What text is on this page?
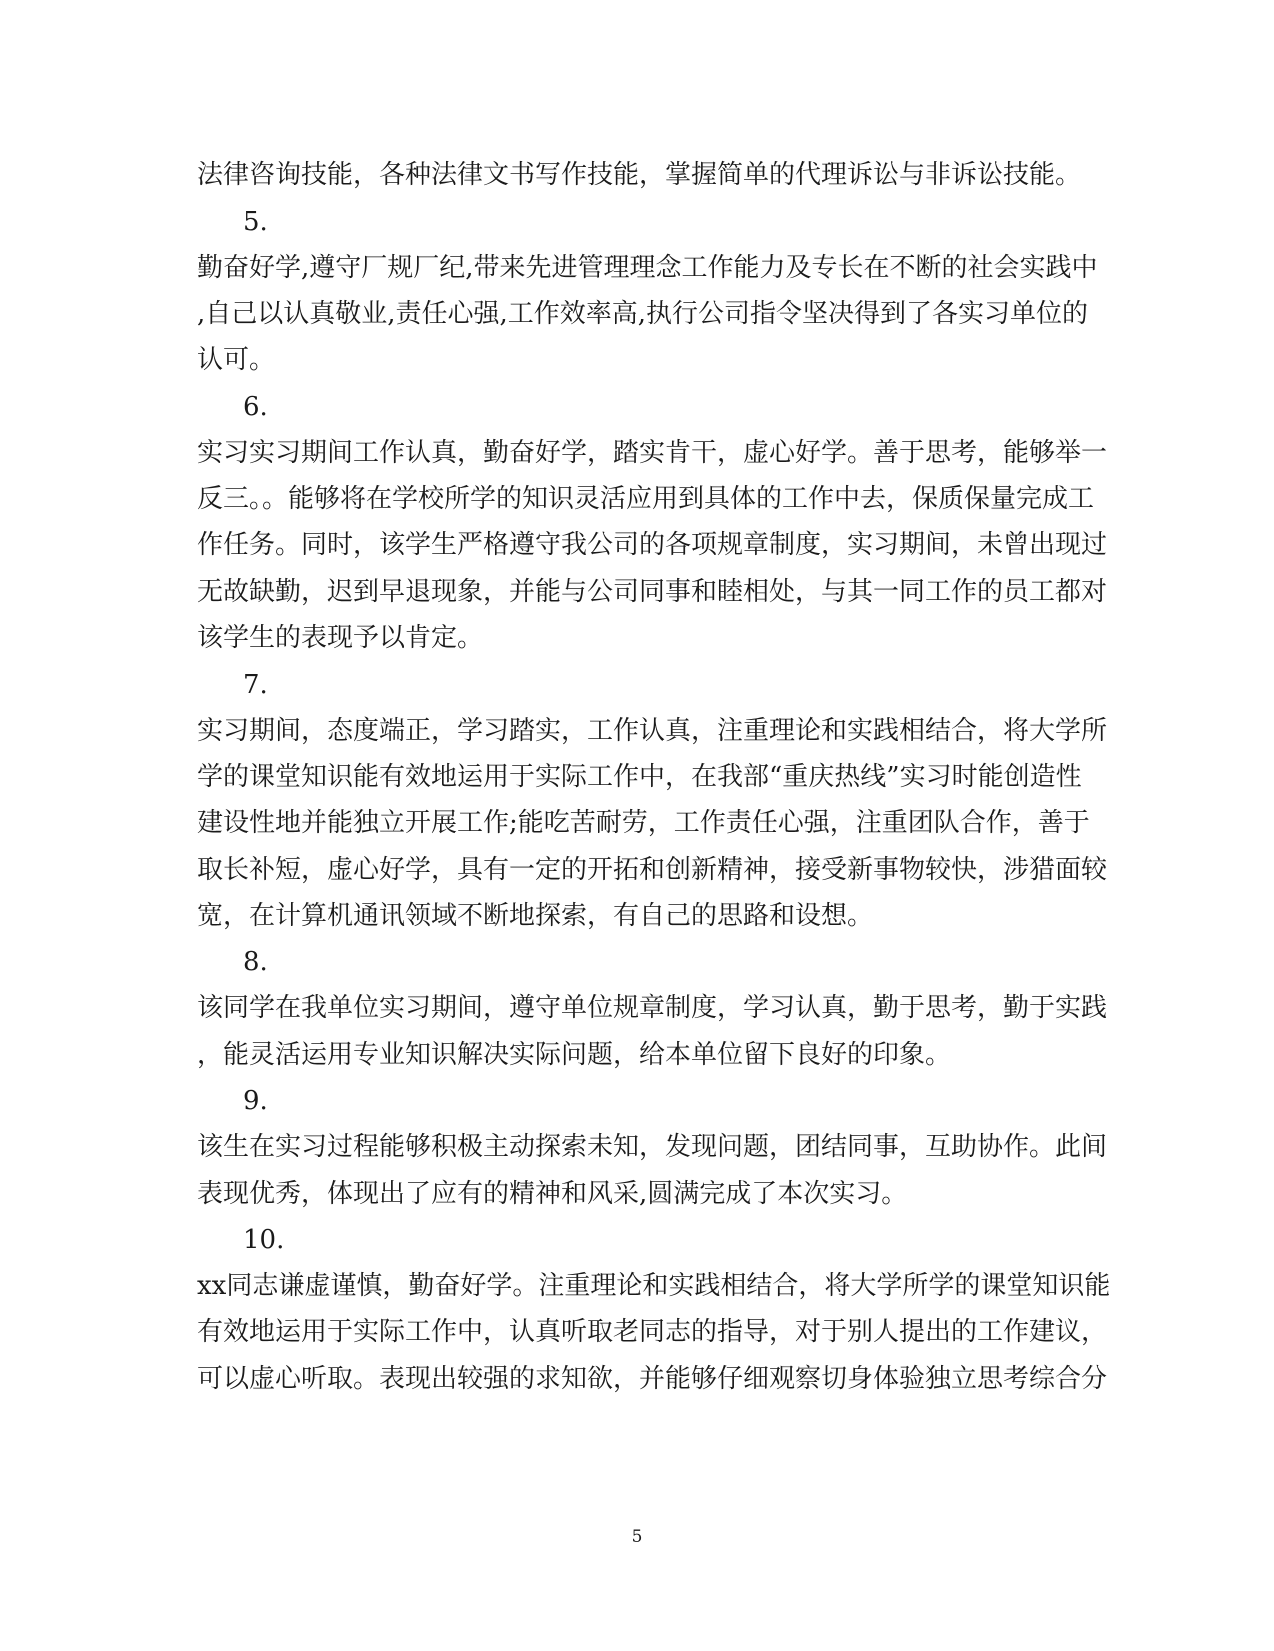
法律咨询技能，各种法律文书写作技能，掌握简单的代理诉讼与非诉讼技能。
5.
勤奋好学,遵守厂规厂纪,带来先进管理理念工作能力及专长在不断的社会实践中
,自己以认真敬业,责任心强,工作效率高,执行公司指令坚决得到了各实习单位的
认可。
6.
实习实习期间工作认真，勤奋好学，踏实肯干，虚心好学。善于思考，能够举一
反三。。能够将在学校所学的知识灵活应用到具体的工作中去，保质保量完成工
作任务。同时，该学生严格遵守我公司的各项规章制度，实习期间，未曾出现过
无故缺勤，迟到早退现象，并能与公司同事和睦相处，与其一同工作的员工都对
该学生的表现予以肯定。
7.
实习期间，态度端正，学习踏实，工作认真，注重理论和实践相结合，将大学所
学的课堂知识能有效地运用于实际工作中，在我部“重庆热线”实习时能创造性
建设性地并能独立开展工作;能吃苦耐劳，工作责任心强，注重团队合作，善于
取长补短，虚心好学，具有一定的开拓和创新精神，接受新事物较快，涉猎面较
宽，在计算机通讯领域不断地探索，有自己的思路和设想。
8.
该同学在我单位实习期间，遵守单位规章制度，学习认真，勤于思考，勤于实践
，能灵活运用专业知识解决实际问题，给本单位留下良好的印象。
9.
该生在实习过程能够积极主动探索未知，发现问题，团结同事，互助协作。此间
表现优秀，体现出了应有的精神和风采,圆满完成了本次实习。
10.
xx同志谦虚谨慎，勤奋好学。注重理论和实践相结合，将大学所学的课堂知识能
有效地运用于实际工作中，认真听取老同志的指导，对于别人提出的工作建议，
可以虚心听取。表现出较强的求知欲，并能够仔细观察切身体验独立思考综合分
5
